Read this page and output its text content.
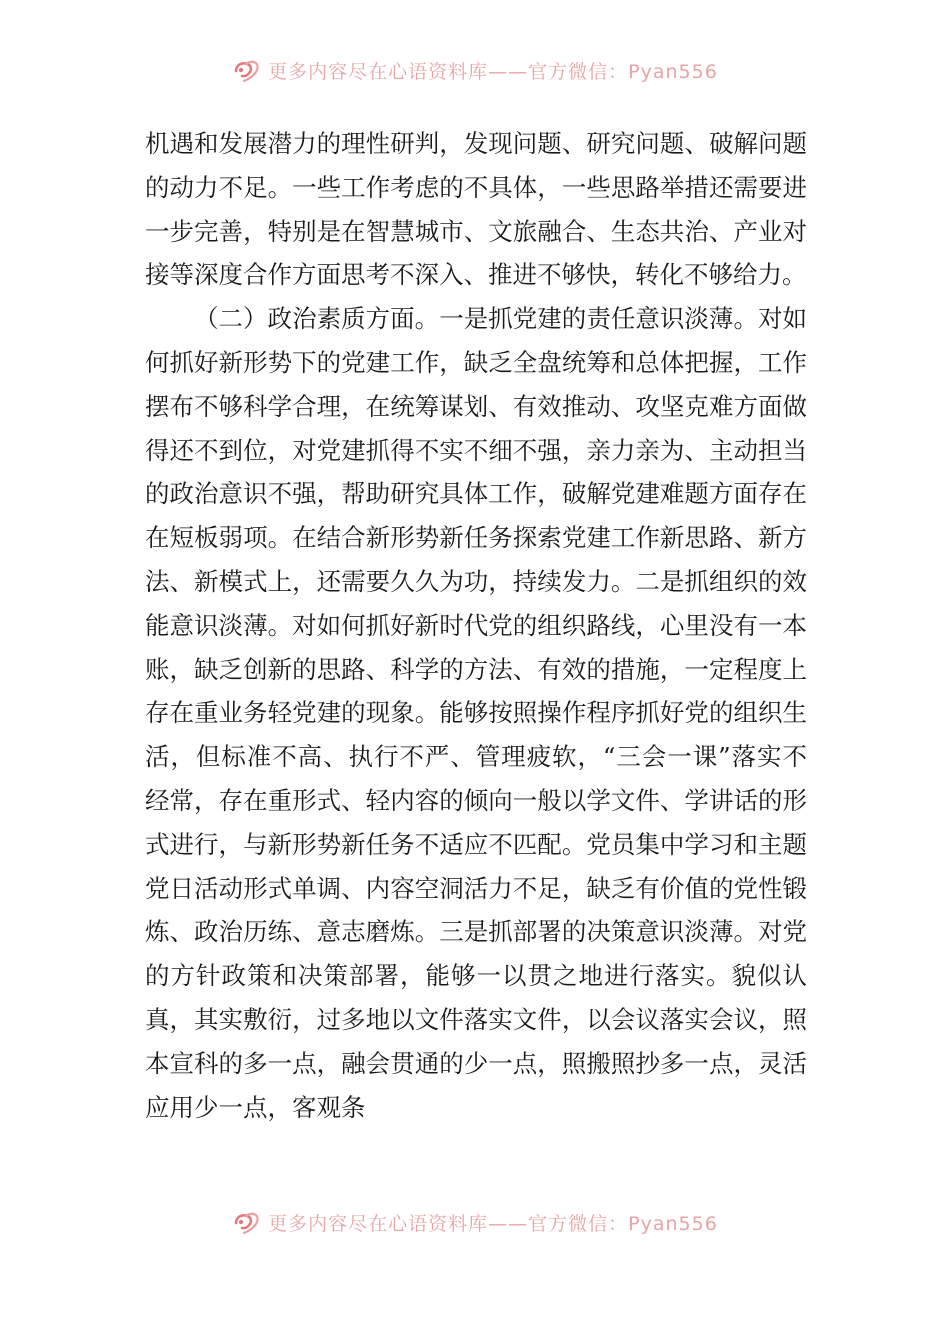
更多内容尽在心语资料库——官方微信：Pyan556

机遇和发展潜力的理性研判，发现问题、研究问题、破解问题的动力不足。一些工作考虑的不具体，一些思路举措还需要进一步完善，特别是在智慧城市、文旅融合、生态共治、产业对接等深度合作方面思考不深入、推进不够快，转化不够给力。

（二）政治素质方面。一是抓党建的责任意识淡薄。对如何抓好新形势下的党建工作，缺乏全盘统筹和总体把握，工作摆布不够科学合理，在统筹谋划、有效推动、攻坚克难方面做得还不到位，对党建抓得不实不细不强，亲力亲为、主动担当的政治意识不强，帮助研究具体工作，破解党建难题方面存在在短板弱项。在结合新形势新任务探索党建工作新思路、新方法、新模式上，还需要久久为功，持续发力。二是抓组织的效能意识淡薄。对如何抓好新时代党的组织路线，心里没有一本账，缺乏创新的思路、科学的方法、有效的措施，一定程度上存在重业务轻党建的现象。能够按照操作程序抓好党的组织生活，但标准不高、执行不严、管理疲软，“三会一课”落实不经常，存在重形式、轻内容的倾向一般以学文件、学讲话的形式进行，与新形势新任务不适应不匹配。党员集中学习和主题党日活动形式单调、内容空洞活力不足，缺乏有价值的党性锻炼、政治历练、意志磨炼。三是抓部署的决策意识淡薄。对党的方针政策和决策部署，能够一以贯之地进行落实。貌似认真，其实敷衍，过多地以文件落实文件，以会议落实会议，照本宣科的多一点，融会贯通的少一点，照搬照抄多一点，灵活应用少一点，客观条

更多内容尽在心语资料库——官方微信：Pyan556
